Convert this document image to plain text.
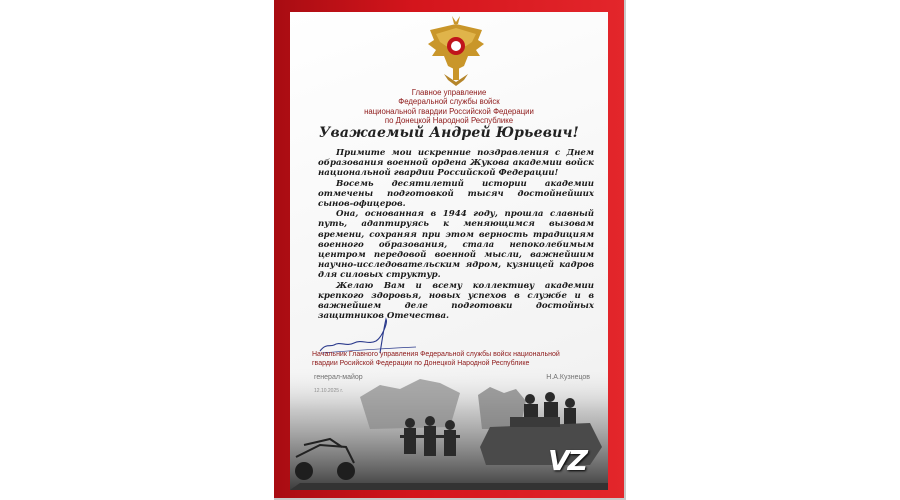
Главное управление
Федеральной службы войск
национальной гвардии Российской Федерации
по Донецкой Народной Республике
Уважаемый Андрей Юрьевич!

Примите мои искренние поздравления с Днем образования военной ордена Жукова академии войск национальной гвардии Российской Федерации!

Восемь десятилетий истории академии отмечены подготовкой тысяч достойнейших сынов-офицеров.

Она, основанная в 1944 году, прошла славный путь, адаптируясь к меняющимся вызовам времени, сохраняя при этом верность традициям военного образования, стала непоколебимым центром передовой военной мысли, важнейшим научно-исследовательским ядром, кузницей кадров для силовых структур.

Желаю Вам и всему коллективу академии крепкого здоровья, новых успехов в службе и в важнейшем деле подготовки достойных защитников Отечества.

Начальник Главного управления Федеральной службы войск национальной
гвардии Росийской Федерации по Донецкой Народной Республике
VZ
